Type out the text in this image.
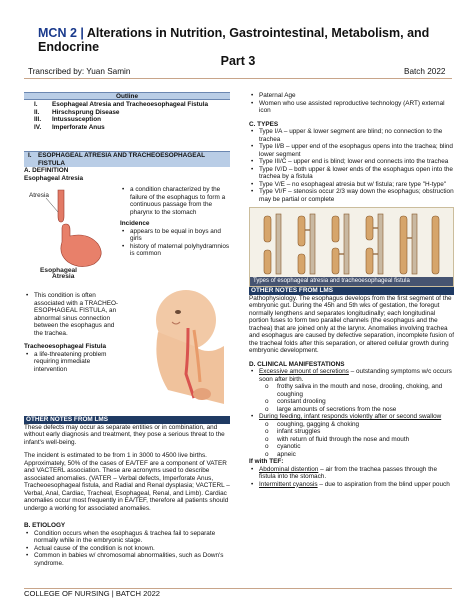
MCN 2 | Alterations in Nutrition, Gastrointestinal, Metabolism, and Endocrine
Part 3
Transcribed by: Yuan Samin	Batch 2022
Outline
I.	Esophageal Atresia and Tracheoesophageal Fistula
II.	Hirschsprung Disease
III.	Intussusception
IV.	Imperforate Anus
I. ESOPHAGEAL ATRESIA AND TRACHEOESOPHAGEAL FISTULA
A. DEFINITION
Esophageal Atresia
Atresia
Esophageal
Atresia
• a condition characterized by the failure of the esophagus to form a continuous passage from the pharynx to the stomach
Incidence
• appears to be equal in boys and girls
• history of maternal polyhydramnios is common
• This condition is often associated with a TRACHEO-ESOPHAGEAL FISTULA, an abnormal sinus connection between the esophagus and the trachea.
Tracheoesophageal Fistula
• a life-threatening problem requiring immediate intervention
OTHER NOTES FROM LMS

These defects may occur as separate entities or in combination, and without early diagnosis and treatment, they pose a serious threat to the infant's well-being.

The incident is estimated to be from 1 in 3000 to 4500 live births. Approximately, 50% of the cases of EA/TEF are a component of VATER and VACTERL association. These are acronyms used to describe associated anomalies. (VATER – Verbal defects, Imperforate Anus, Tracheoesophageal fistula, and Radial and Renal dysplasia; VACTERL – Verbal, Anal, Cardiac, Tracheal, Esophageal, Renal, and Limb). Cardiac anomalies occur most frequently in EA/TEF, therefore all patients should undergo a working for associated anomalies.

B. ETIOLOGY
• Condition occurs when the esophagus & trachea fail to separate normally while in the embryonic stage.
• Actual cause of the condition is not known.
• Common in babies w/ chromosomal abnormalities, such as Down's syndrome.
• Paternal Age
• Women who use assisted reproductive technology (ART) external icon
C. TYPES
• Type I/A – upper & lower segment are blind; no connection to the trachea
• Type II/B – upper end of the esophagus opens into the trachea; blind lower segment
• Type III/C – upper end is blind; lower end connects into the trachea
• Type IV/D – both upper & lower ends of the esophagus open into the trachea by a fistula
• Type V/E – no esophageal atresia but w/ fistula; rare type "H-type"
• Type VI/F – stenosis occur 2/3 way down the esophagus; obstruction may be partial or complete
Types of esophageal atresia and tracheoesophageal fistula
OTHER NOTES FROM LMS

Pathophysiology. The esophagus develops from the first segment of the embryonic gut. During the 45h and 5th wks of gestation, the foregut normally lengthens and separates longitudinally; each longitudinal portion fuses to form two parallel channels (the esophagus and the trachea) that are joined only at the larynx. Anomalies involving trachea and esophagus are caused by defective separation, incomplete fusion of the tracheal folds after this separation, or altered cellular growth during embryonic development.

D. CLINICAL MANIFESTATIONS
• Excessive amount of secretions – outstanding symptoms w/c occurs soon after birth.
o frothy saliva in the mouth and nose, drooling, choking, and coughing
o constant drooling
o large amounts of secretions from the nose
• During feeding, infant responds violently after or second swallow
o coughing, gagging & choking
o infant struggles
o with return of fluid through the nose and mouth
o cyanotic
o apneic
If with TEF:
• Abdominal distention – air from the trachea passes through the fistula into the stomach.
• Intermittent cyanosis – due to aspiration from the blind upper pouch
COLLEGE OF NURSING | BATCH 2022
